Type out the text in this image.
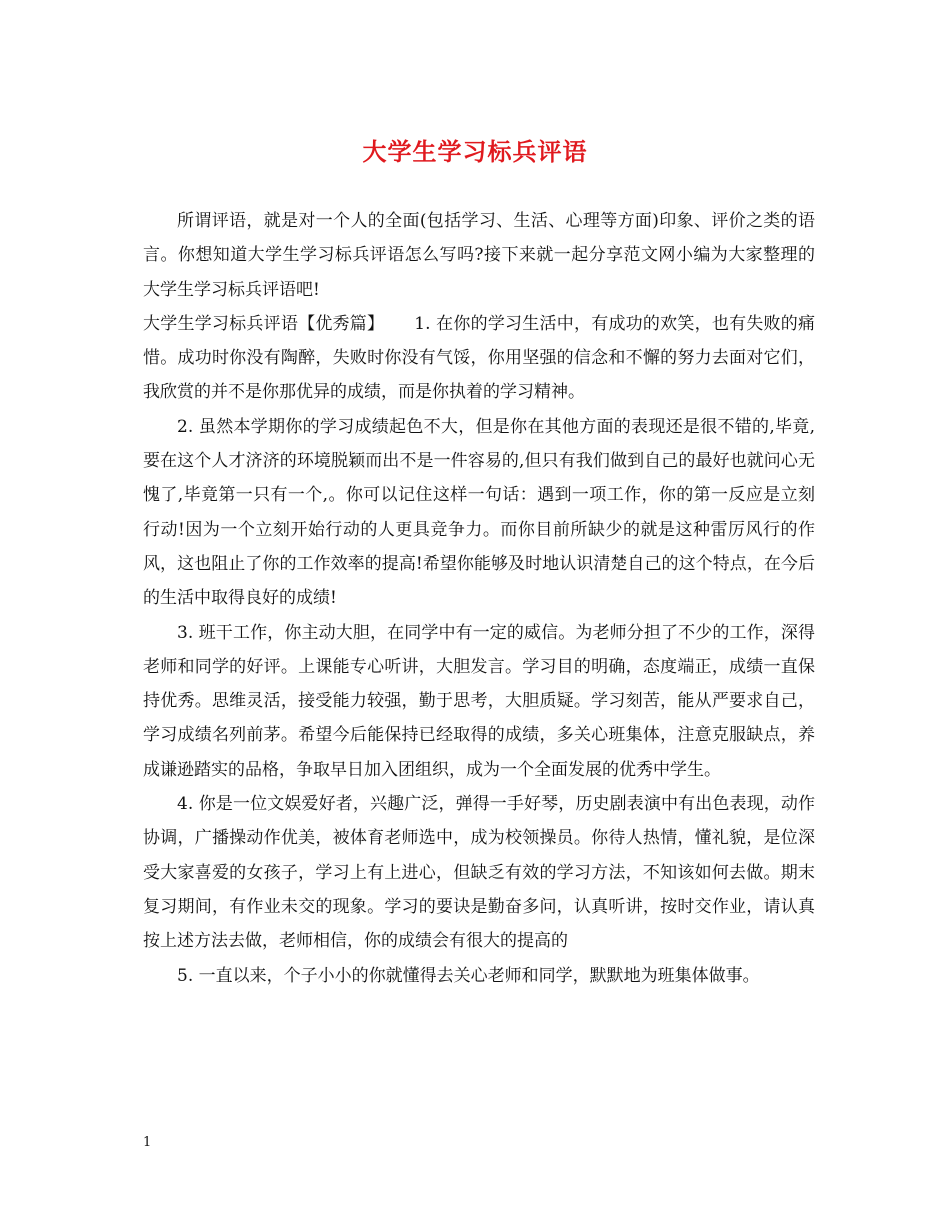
大学生学习标兵评语

所谓评语，就是对一个人的全面(包括学习、生活、心理等方面)印象、评价之类的语言。你想知道大学生学习标兵评语怎么写吗?接下来就一起分享范文网小编为大家整理的大学生学习标兵评语吧!

大学生学习标兵评语【优秀篇】 1. 在你的学习生活中，有成功的欢笑，也有失败的痛惜。成功时你没有陶醉，失败时你没有气馁，你用坚强的信念和不懈的努力去面对它们，我欣赏的并不是你那优异的成绩，而是你执着的学习精神。

2. 虽然本学期你的学习成绩起色不大，但是你在其他方面的表现还是很不错的,毕竟,要在这个人才济济的环境脱颖而出不是一件容易的,但只有我们做到自己的最好也就问心无愧了,毕竟第一只有一个,。你可以记住这样一句话：遇到一项工作，你的第一反应是立刻行动!因为一个立刻开始行动的人更具竞争力。而你目前所缺少的就是这种雷厉风行的作风，这也阻止了你的工作效率的提高!希望你能够及时地认识清楚自己的这个特点，在今后的生活中取得良好的成绩!

3. 班干工作，你主动大胆，在同学中有一定的威信。为老师分担了不少的工作，深得老师和同学的好评。上课能专心听讲，大胆发言。学习目的明确，态度端正，成绩一直保持优秀。思维灵活，接受能力较强，勤于思考，大胆质疑。学习刻苦，能从严要求自己，学习成绩名列前茅。希望今后能保持已经取得的成绩，多关心班集体，注意克服缺点，养成谦逊踏实的品格，争取早日加入团组织，成为一个全面发展的优秀中学生。

4. 你是一位文娱爱好者，兴趣广泛，弹得一手好琴，历史剧表演中有出色表现，动作协调，广播操动作优美，被体育老师选中，成为校领操员。你待人热情，懂礼貌，是位深受大家喜爱的女孩子，学习上有上进心，但缺乏有效的学习方法，不知该如何去做。期末复习期间，有作业未交的现象。学习的要诀是勤奋多问，认真听讲，按时交作业，请认真按上述方法去做，老师相信，你的成绩会有很大的提高的

5. 一直以来，个子小小的你就懂得去关心老师和同学，默默地为班集体做事。

1
